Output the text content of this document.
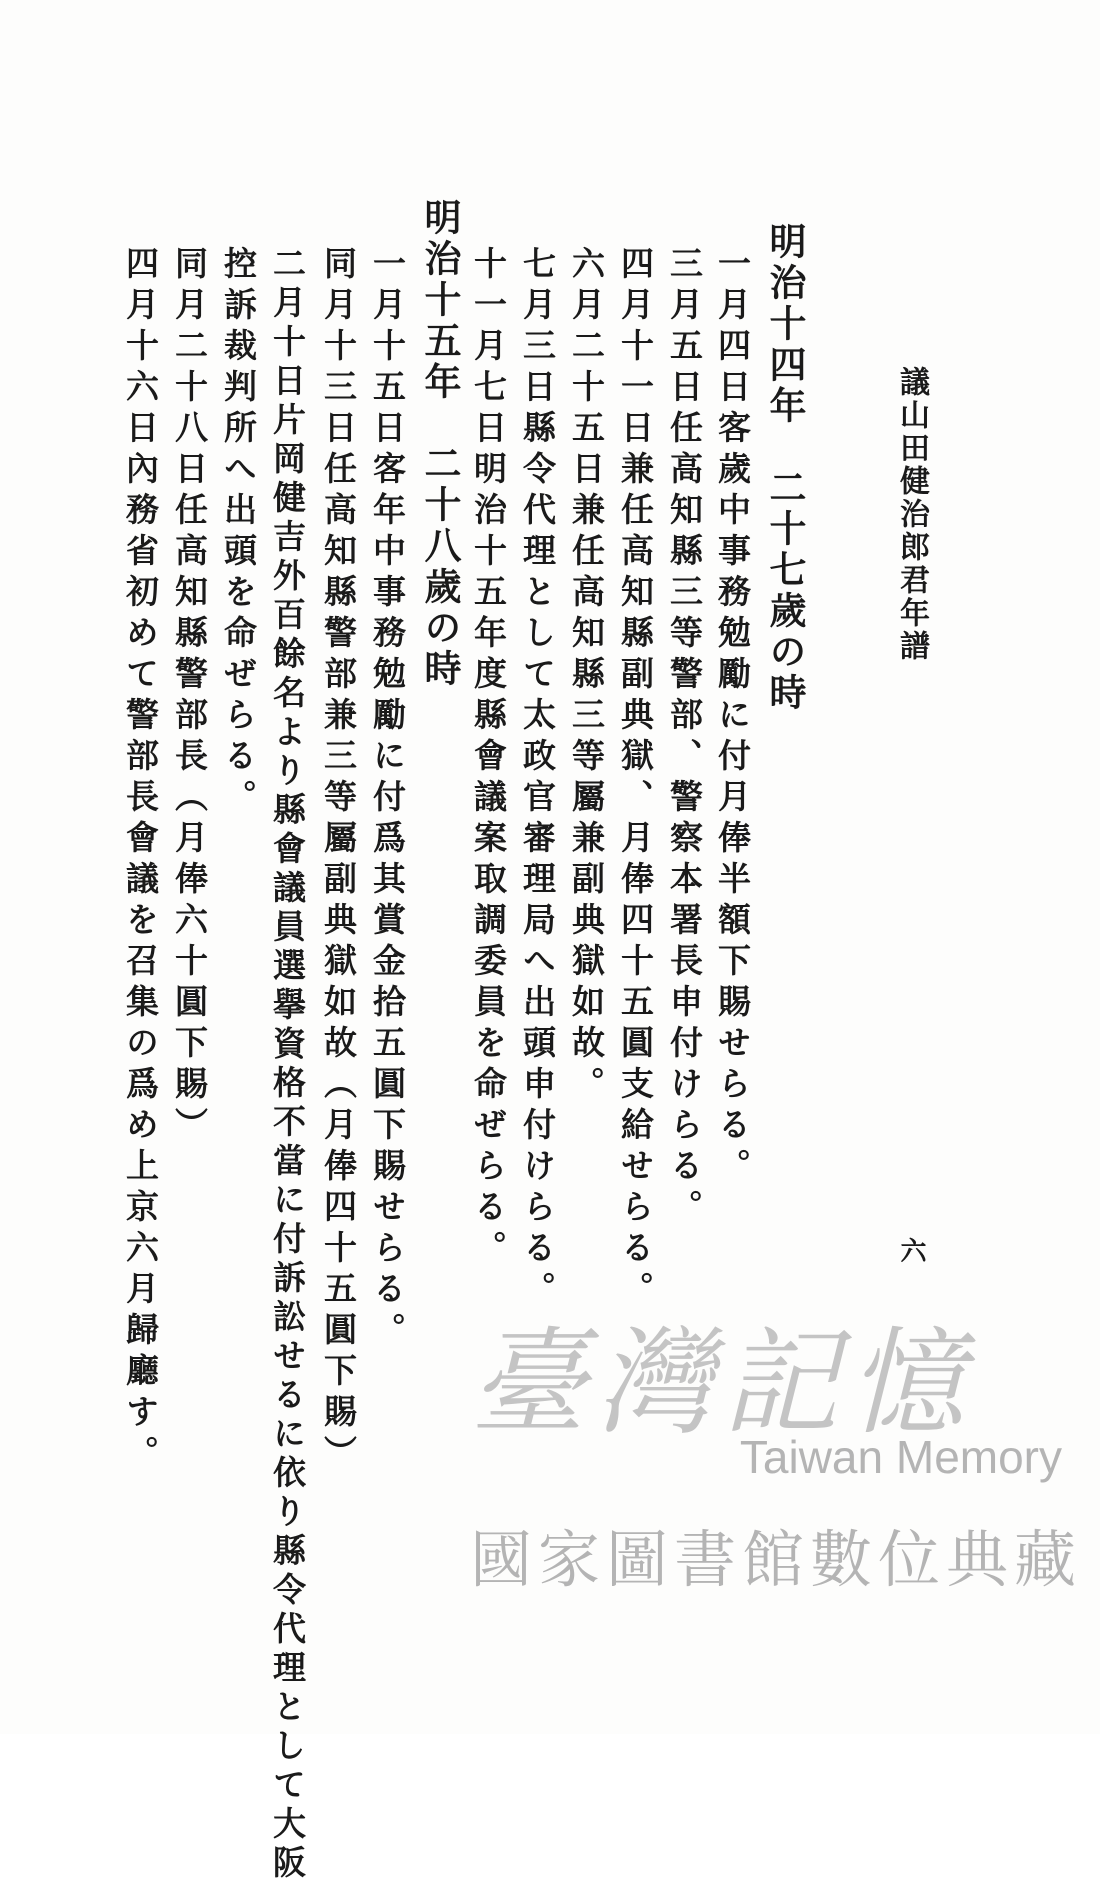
議山田健治郎君年譜
明治十四年　二十七歲の時
一月四日客歲中事務勉勵に付月俸半額下賜せらる。
三月五日任高知縣三等警部、警察本署長申付けらる。
四月十一日兼任高知縣副典獄、月俸四十五圓支給せらる。
六月二十五日兼任高知縣三等屬兼副典獄如故。
七月三日縣令代理として太政官審理局へ出頭申付けらる。
十一月七日明治十五年度縣會議案取調委員を命ぜらる。
明治十五年　二十八歲の時
一月十五日客年中事務勉勵に付爲其賞金拾五圓下賜せらる。
同月十三日任高知縣警部兼三等屬副典獄如故（月俸四十五圓下賜）
二月十日片岡健吉外百餘名より縣會議員選擧資格不當に付訴訟せるに依り縣令代理として大阪
控訴裁判所へ出頭を命ぜらる。
同月二十八日任高知縣警部長（月俸六十圓下賜）
四月十六日內務省初めて警部長會議を召集の爲め上京六月歸廳す。	六
臺灣記憶
Taiwan Memory
國家圖書館數位典藏
